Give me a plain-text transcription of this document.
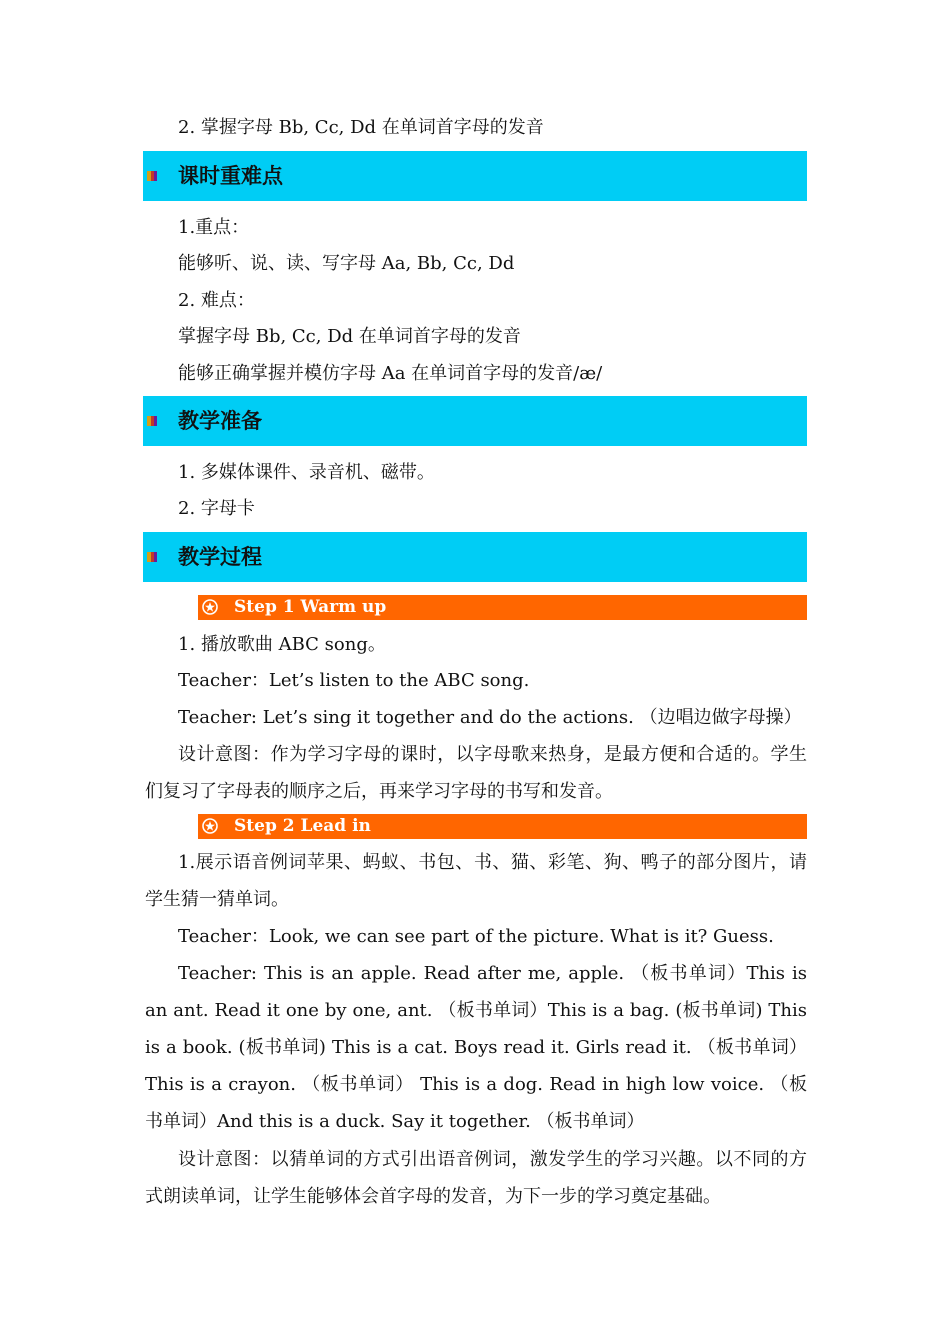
2. 掌握字母 Bb, Cc, Dd 在单词首字母的发音
课时重难点
1.重点：
能够听、说、读、写字母 Aa, Bb, Cc, Dd
2. 难点：
掌握字母 Bb, Cc, Dd 在单词首字母的发音
能够正确掌握并模仿字母 Aa 在单词首字母的发音/æ/
教学准备
1. 多媒体课件、录音机、磁带。
2. 字母卡
教学过程
Step 1 Warm up
1. 播放歌曲 ABC song。
Teacher：Let’s listen to the ABC song.
Teacher: Let’s sing it together and do the actions. （边唱边做字母操）
设计意图：作为学习字母的课时，以字母歌来热身，是最方便和合适的。学生们复习了字母表的顺序之后，再来学习字母的书写和发音。
Step 2 Lead in
1.展示语音例词苹果、蚂蚁、书包、书、猫、彩笔、狗、鸭子的部分图片，请学生猜一猜单词。
Teacher：Look, we can see part of the picture. What is it? Guess.
Teacher: This is an apple. Read after me, apple. （板书单词）This is an ant. Read it one by one, ant. （板书单词）This is a bag. (板书单词) This is a book. (板书单词) This is a cat. Boys read it. Girls read it. （板书单词） This is a crayon. （板书单词） This is a dog. Read in high low voice. （板书单词）And this is a duck. Say it together. （板书单词）
设计意图：以猜单词的方式引出语音例词，激发学生的学习兴趣。以不同的方式朗读单词，让学生能够体会首字母的发音，为下一步的学习奠定基础。
